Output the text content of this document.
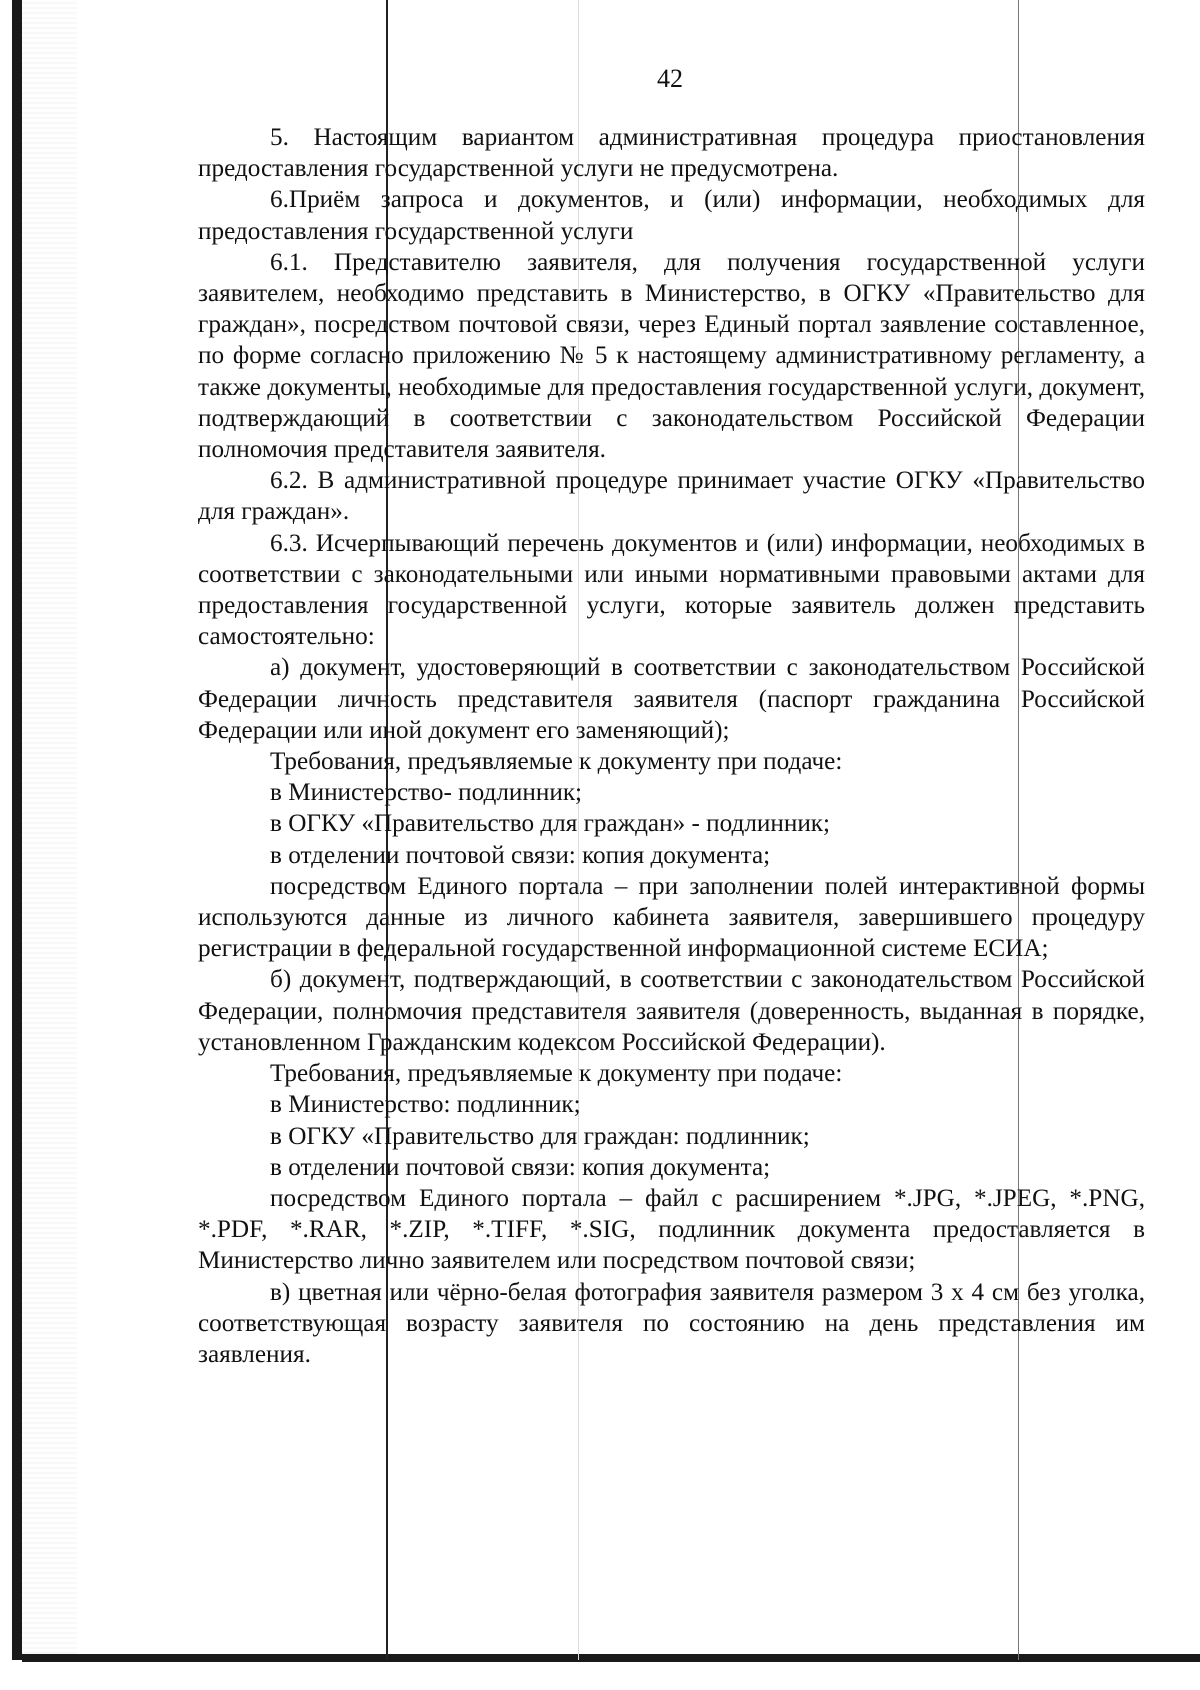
42

5. Настоящим вариантом административная процедура приостановления предоставления государственной услуги не предусмотрена.

6.Приём запроса и документов, и (или) информации, необходимых для предоставления государственной услуги

6.1. Представителю заявителя, для получения государственной услуги заявителем, необходимо представить в Министерство, в ОГКУ «Правительство для граждан», посредством почтовой связи, через Единый портал заявление составленное, по форме согласно приложению № 5 к настоящему административному регламенту, а также документы, необходимые для предоставления государственной услуги, документ, подтверждающий в соответствии с законодательством Российской Федерации полномочия представителя заявителя.

6.2. В административной процедуре принимает участие ОГКУ «Правительство для граждан».

6.3. Исчерпывающий перечень документов и (или) информации, необходимых в соответствии с законодательными или иными нормативными правовыми актами для предоставления государственной услуги, которые заявитель должен представить самостоятельно:

а) документ, удостоверяющий в соответствии с законодательством Российской Федерации личность представителя заявителя (паспорт гражданина Российской Федерации или иной документ его заменяющий);

Требования, предъявляемые к документу при подаче:

в Министерство- подлинник;

в ОГКУ «Правительство для граждан» - подлинник;

в отделении почтовой связи: копия документа;

посредством Единого портала – при заполнении полей интерактивной формы используются данные из личного кабинета заявителя, завершившего процедуру регистрации в федеральной государственной информационной системе ЕСИА;

б) документ, подтверждающий, в соответствии с законодательством Российской Федерации, полномочия представителя заявителя (доверенность, выданная в порядке, установленном Гражданским кодексом Российской Федерации).

Требования, предъявляемые к документу при подаче:

в Министерство: подлинник;

в ОГКУ «Правительство для граждан: подлинник;

в отделении почтовой связи: копия документа;

посредством Единого портала – файл с расширением *.JPG, *.JPEG, *.PNG, *.PDF, *.RAR, *.ZIP, *.TIFF, *.SIG, подлинник документа предоставляется в Министерство лично заявителем или посредством почтовой связи;

в) цветная или чёрно-белая фотография заявителя размером 3 х 4 см без уголка, соответствующая возрасту заявителя по состоянию на день представления им заявления.
